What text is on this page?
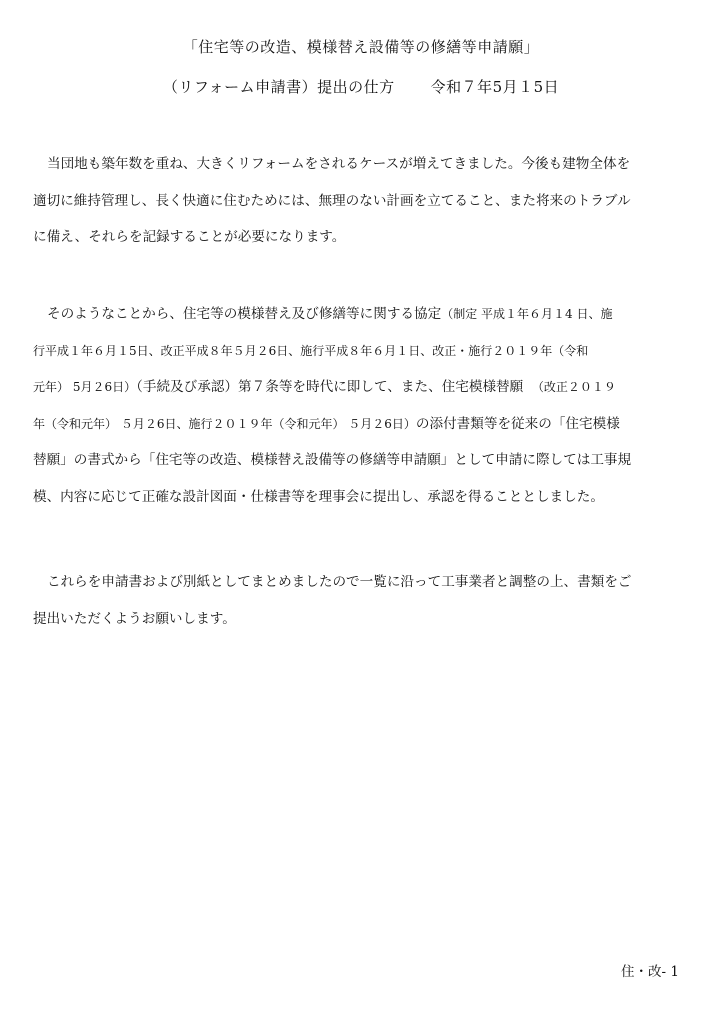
「住宅等の改造、模様替え設備等の修繕等申請願」
（リフォーム申請書）提出の仕方 令和７年5月１5日
当団地も築年数を重ね、大きくリフォームをされるケースが増えてきました。今後も建物全体を
適切に維持管理し、長く快適に住むためには、無理のない計画を立てること、また将来のトラブル
に備え、それらを記録することが必要になります。
そのようなことから、住宅等の模様替え及び修繕等に関する協定（制定 平成１年６月１4 日、施
行平成１年６月１5日、改正平成８年５月２6日、施行平成８年６月１日、改正・施行２０１９年（令和
元年） 5月２6日）（手続及び承認）第７条等を時代に即して、また、住宅模様替願 （改正２０１９
年（令和元年） ５月２6日、施行２０１９年（令和元年） ５月２6日）の添付書類等を従来の「住宅模様
替願」の書式から「住宅等の改造、模様替え設備等の修繕等申請願」として申請に際しては工事規
模、内容に応じて正確な設計図面・仕様書等を理事会に提出し、承認を得ることとしました。
これらを申請書および別紙としてまとめましたので一覧に沿って工事業者と調整の上、書類をご
提出いただくようお願いします。
住・改- 1
